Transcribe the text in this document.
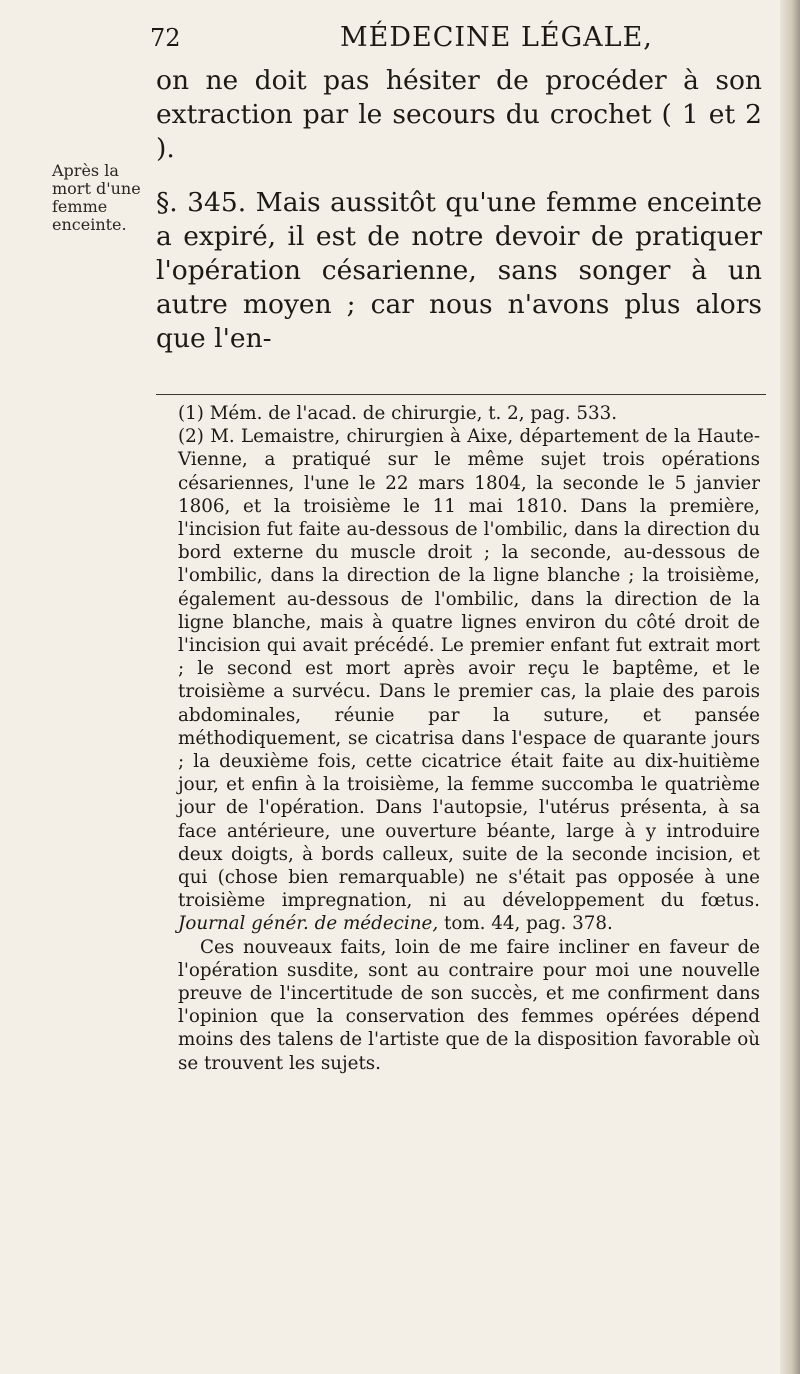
72	MÉDECINE LÉGALE,
Après la mort d'une femme enceinte.

on ne doit pas hésiter de procéder à son extraction par le secours du crochet ( 1 et 2 ).

§. 345. Mais aussitôt qu'une femme enceinte a expiré, il est de notre devoir de pratiquer l'opération césarienne, sans songer à un autre moyen ; car nous n'avons plus alors que l'en-

(1) Mém. de l'acad. de chirurgie, t. 2, pag. 533.

(2) M. Lemaistre, chirurgien à Aixe, département de la Haute-Vienne, a pratiqué sur le même sujet trois opérations césariennes, l'une le 22 mars 1804, la seconde le 5 janvier 1806, et la troisième le 11 mai 1810. Dans la première, l'incision fut faite au-dessous de l'ombilic, dans la direction du bord externe du muscle droit ; la seconde, au-dessous de l'ombilic, dans la direction de la ligne blanche ; la troisième, également au-dessous de l'ombilic, dans la direction de la ligne blanche, mais à quatre lignes environ du côté droit de l'incision qui avait précédé. Le premier enfant fut extrait mort ; le second est mort après avoir reçu le baptême, et le troisième a survécu. Dans le premier cas, la plaie des parois abdominales, réunie par la suture, et pansée méthodiquement, se cicatrisa dans l'espace de quarante jours ; la deuxième fois, cette cicatrice était faite au dix-huitième jour, et enfin à la troisième, la femme succomba le quatrième jour de l'opération. Dans l'autopsie, l'utérus présenta, à sa face antérieure, une ouverture béante, large à y introduire deux doigts, à bords calleux, suite de la seconde incision, et qui (chose bien remarquable) ne s'était pas opposée à une troisième impregnation, ni au développement du fœtus. Journal génér. de médecine, tom. 44, pag. 378.

Ces nouveaux faits, loin de me faire incliner en faveur de l'opération susdite, sont au contraire pour moi une nouvelle preuve de l'incertitude de son succès, et me confirment dans l'opinion que la conservation des femmes opérées dépend moins des talens de l'artiste que de la disposition favorable où se trouvent les sujets.
